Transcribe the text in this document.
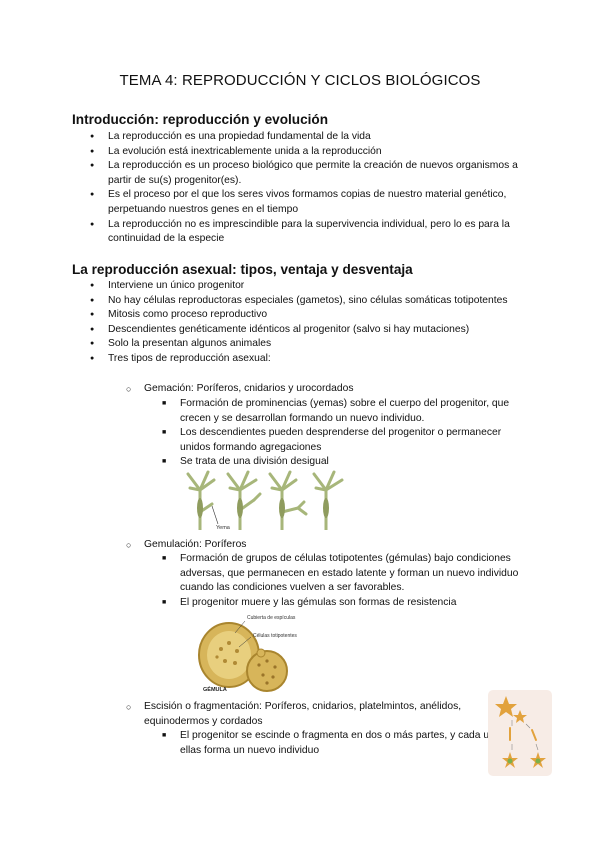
TEMA 4: REPRODUCCIÓN Y CICLOS BIOLÓGICOS
Introducción: reproducción y evolución
● La reproducción es una propiedad fundamental de la vida
● La evolución está inextricablemente unida a la reproducción
● La reproducción es un proceso biológico que permite la creación de nuevos organismos a partir de su(s) progenitor(es).
● Es el proceso por el que los seres vivos formamos copias de nuestro material genético, perpetuando nuestros genes en el tiempo
● La reproducción no es imprescindible para la supervivencia individual, pero lo es para la continuidad de la especie
La reproducción asexual: tipos, ventaja y desventaja
● Interviene un único progenitor
● No hay células reproductoras especiales (gametos), sino células somáticas totipotentes
● Mitosis como proceso reproductivo
● Descendientes genéticamente idénticos al progenitor (salvo si hay mutaciones)
● Solo la presentan algunos animales
● Tres tipos de reproducción asexual:
○ Gemación: Poríferos, cnidarios y urocordados
■ Formación de prominencias (yemas) sobre el cuerpo del progenitor, que crecen y se desarrollan formando un nuevo individuo.
■ Los descendientes pueden desprenderse del progenitor o permanecer unidos formando agregaciones
■ Se trata de una división desigual
Yema
○ Gemulación: Poríferos
■ Formación de grupos de células totipotentes (gémulas) bajo condiciones adversas, que permanecen en estado latente y forman un nuevo individuo cuando las condiciones vuelven a ser favorables.
■ El progenitor muere y las gémulas son formas de resistencia
Cubierta de espículas
Células totipotentes
GÉMULA
○ Escisión o fragmentación: Poríferos, cnidarios, platelmintos, anélidos, equinodermos y cordados
■ El progenitor se escinde o fragmenta en dos o más partes, y cada una de ellas forma un nuevo individuo
